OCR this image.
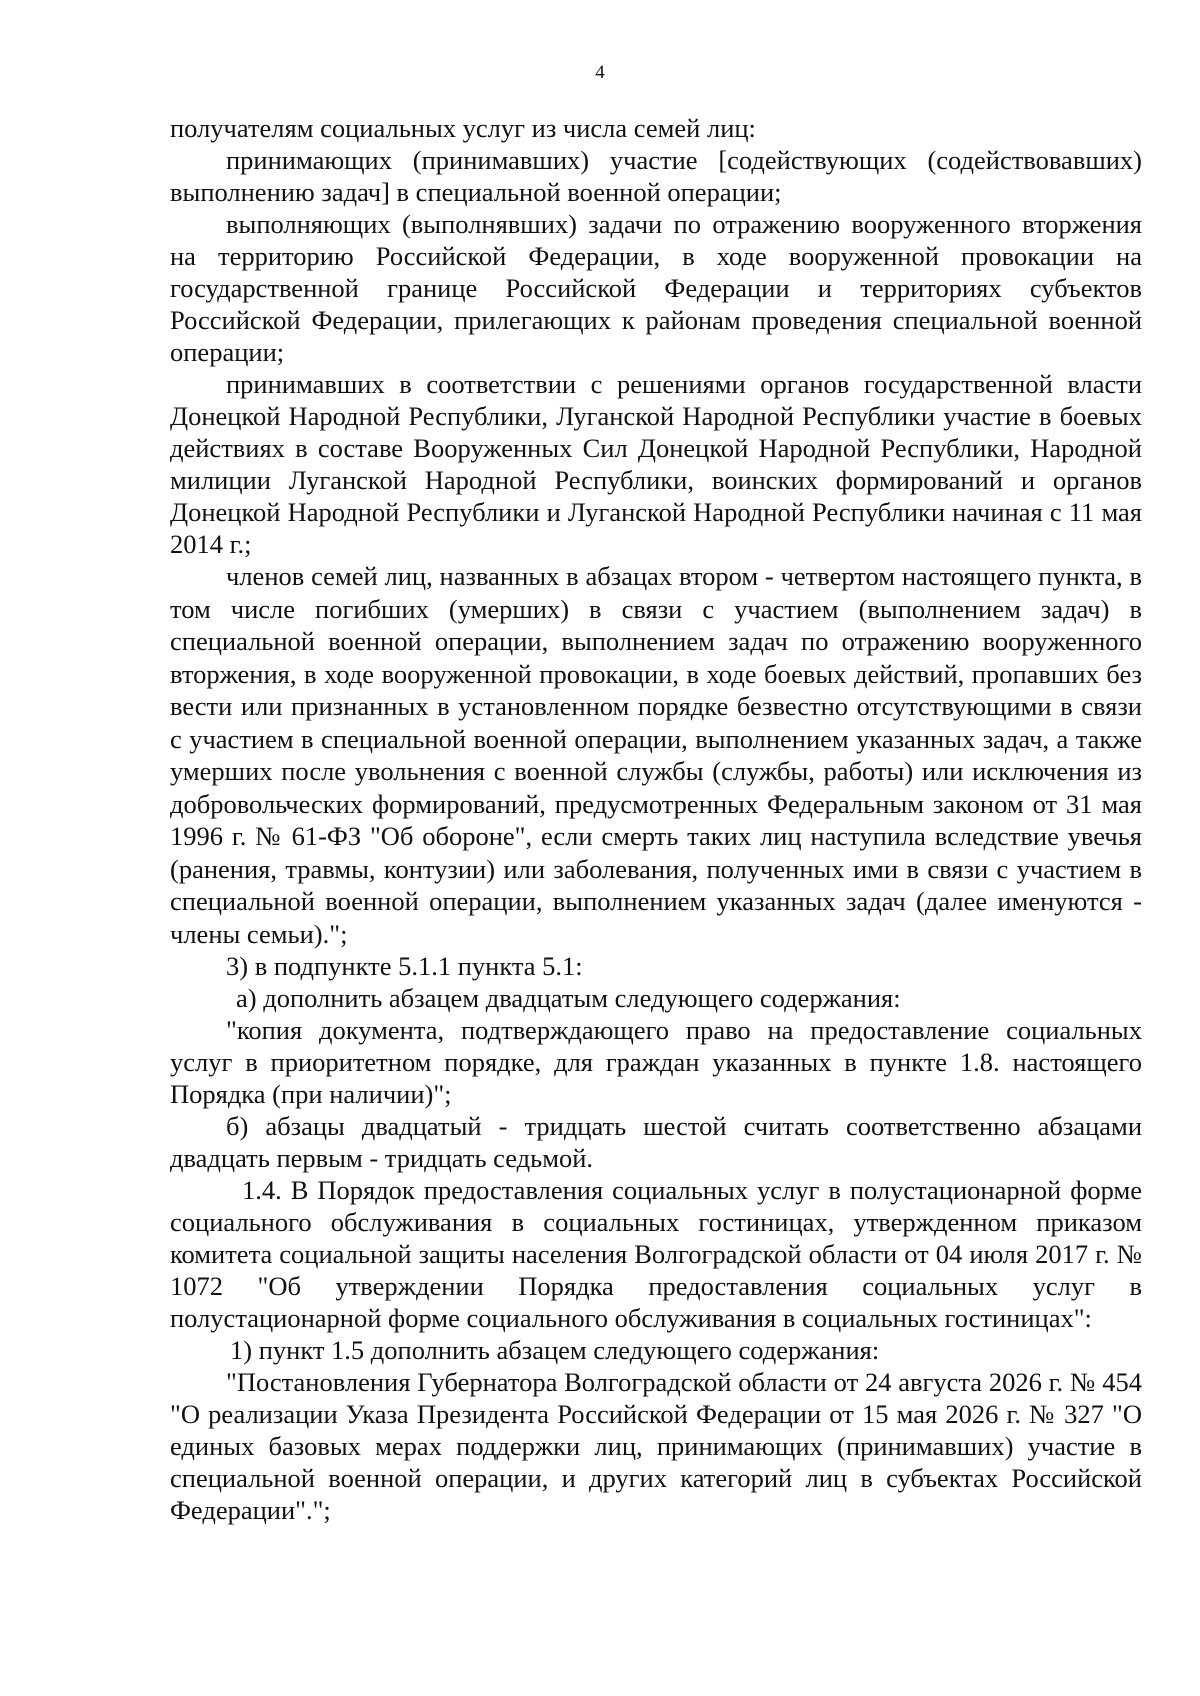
4

получателям социальных услуг из числа семей лиц:

принимающих (принимавших) участие [содействующих (содействовавших) выполнению задач] в специальной военной операции;

выполняющих (выполнявших) задачи по отражению вооруженного вторжения на территорию Российской Федерации, в ходе вооруженной провокации на государственной границе Российской Федерации и территориях субъектов Российской Федерации, прилегающих к районам проведения специальной военной операции;

принимавших в соответствии с решениями органов государственной власти Донецкой Народной Республики, Луганской Народной Республики участие в боевых действиях в составе Вооруженных Сил Донецкой Народной Республики, Народной милиции Луганской Народной Республики, воинских формирований и органов Донецкой Народной Республики и Луганской Народной Республики начиная с 11 мая 2014 г.;

членов семей лиц, названных в абзацах втором - четвертом настоящего пункта, в том числе погибших (умерших) в связи с участием (выполнением задач) в специальной военной операции, выполнением задач по отражению вооруженного вторжения, в ходе вооруженной провокации, в ходе боевых действий, пропавших без вести или признанных в установленном порядке безвестно отсутствующими в связи с участием в специальной военной операции, выполнением указанных задач, а также умерших после увольнения с военной службы (службы, работы) или исключения из добровольческих формирований, предусмотренных Федеральным законом от 31 мая 1996 г. № 61-ФЗ "Об обороне", если смерть таких лиц наступила вследствие увечья (ранения, травмы, контузии) или заболевания, полученных ими в связи с участием в специальной военной операции, выполнением указанных задач (далее именуются - члены семьи).";

3) в подпункте 5.1.1 пункта 5.1:

а) дополнить абзацем двадцатым следующего содержания:

"копия документа, подтверждающего право на предоставление социальных услуг в приоритетном порядке, для граждан указанных в пункте 1.8. настоящего Порядка (при наличии)";

б) абзацы двадцатый - тридцать шестой считать соответственно абзацами двадцать первым - тридцать седьмой.

1.4. В Порядок предоставления социальных услуг в полустационарной форме социального обслуживания в социальных гостиницах, утвержденном приказом комитета социальной защиты населения Волгоградской области от 04 июля 2017 г. № 1072 "Об утверждении Порядка предоставления социальных услуг в полустационарной форме социального обслуживания в социальных гостиницах":

1) пункт 1.5 дополнить абзацем следующего содержания:

"Постановления Губернатора Волгоградской области от 24 августа 2026 г. № 454 "О реализации Указа Президента Российской Федерации от 15 мая 2026 г. № 327 "О единых базовых мерах поддержки лиц, принимающих (принимавших) участие в специальной военной операции, и других категорий лиц в субъектах Российской Федерации".";
